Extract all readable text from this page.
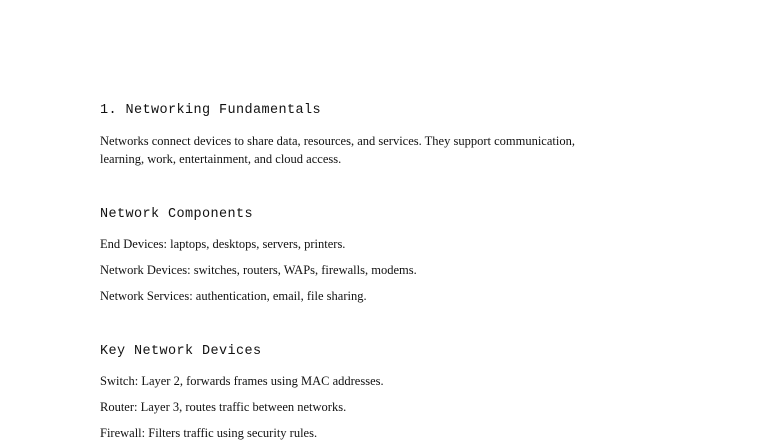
1. Networking Fundamentals
Networks connect devices to share data, resources, and services. They support communication,
learning, work, entertainment, and cloud access.
Network Components

End Devices: laptops, desktops, servers, printers.

Network Devices: switches, routers, WAPs, firewalls, modems.

Network Services: authentication, email, file sharing.

Key Network Devices

Switch: Layer 2, forwards frames using MAC addresses.

Router: Layer 3, routes traffic between networks.

Firewall: Filters traffic using security rules.
